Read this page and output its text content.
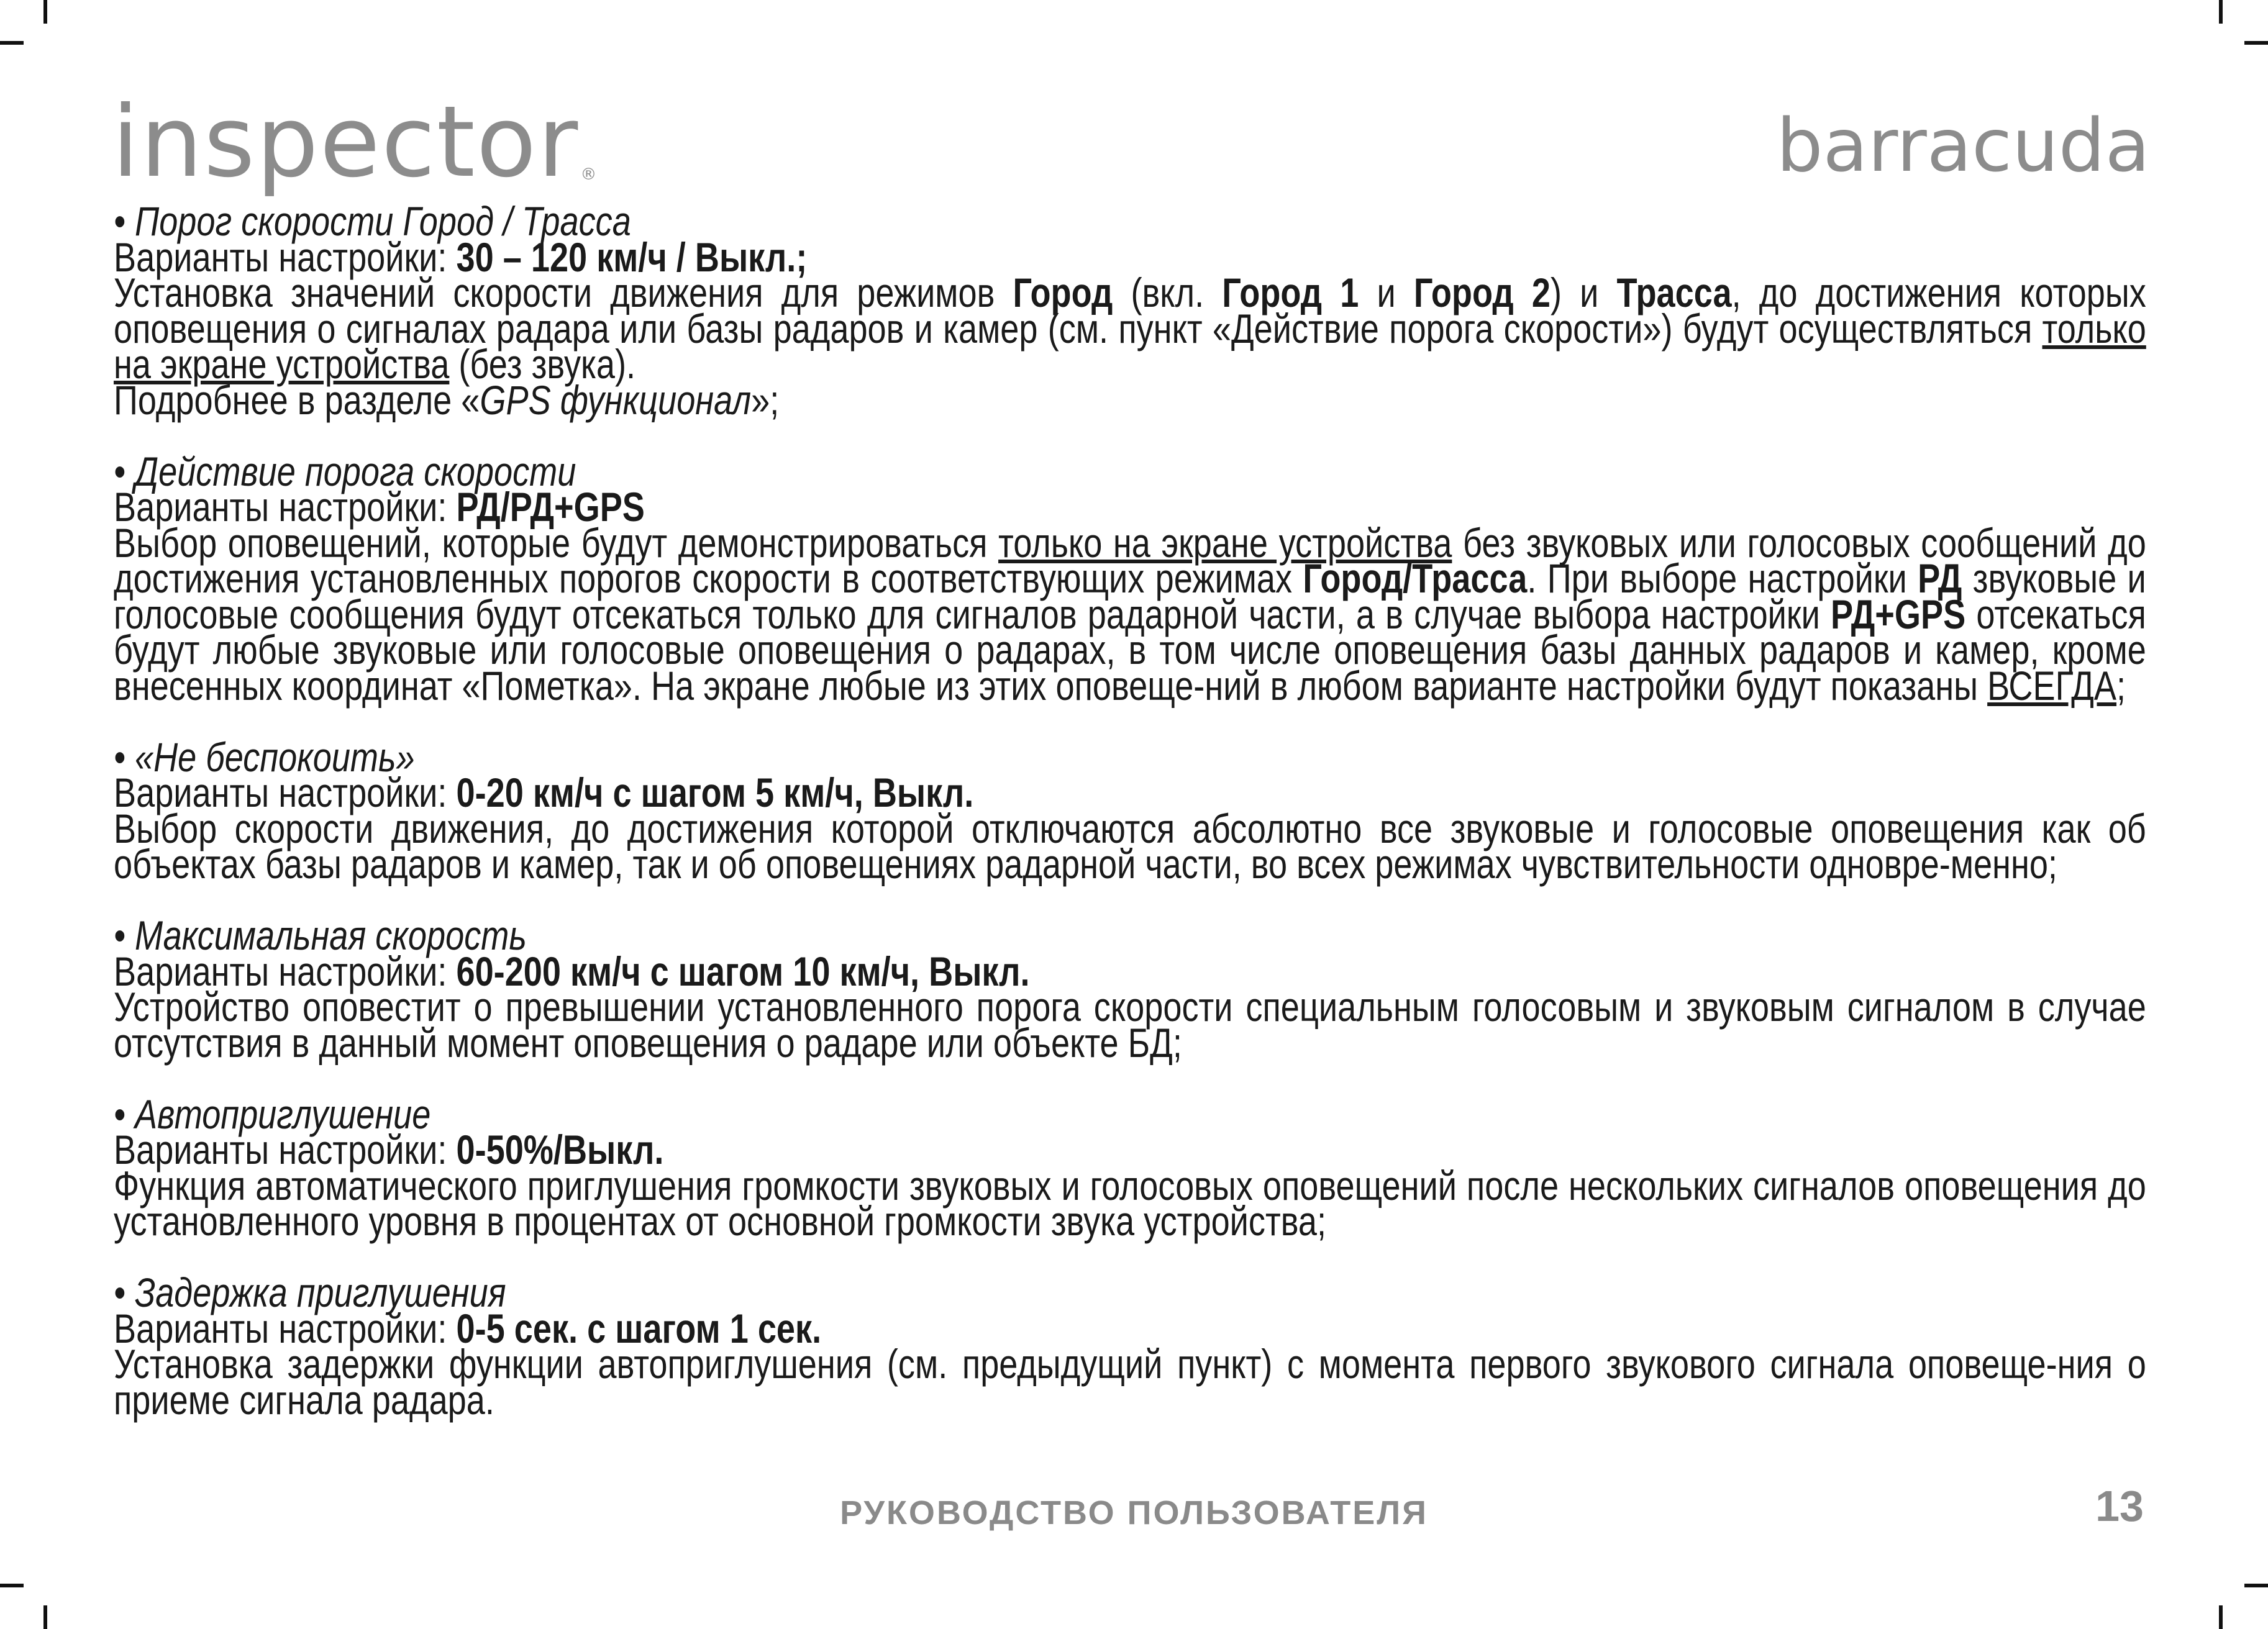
inspector®	barracuda
• Порог скорости Город / Трасса
Варианты настройки: 30 – 120 км/ч / Выкл.;
Установка значений скорости движения для режимов Город (вкл. Город 1 и Город 2) и Трасса, до достижения которых оповещения о сигналах радара или базы радаров и камер (см. пункт «Действие порога скорости») будут осуществляться только на экране устройства (без звука).
Подробнее в разделе «GPS функционал»;
• Действие порога скорости
Варианты настройки: РД/РД+GPS
Выбор оповещений, которые будут демонстрироваться только на экране устройства без звуковых или голосовых сообщений до достижения установленных порогов скорости в соответствующих режимах Город/Трасса. При выборе настройки РД звуковые и голосовые сообщения будут отсекаться только для сигналов радарной части, а в случае выбора настройки РД+GPS отсекаться будут любые звуковые или голосовые оповещения о радарах, в том числе оповещения базы данных радаров и камер, кроме внесенных координат «Пометка». На экране любые из этих оповеще-ний в любом варианте настройки будут показаны ВСЕГДА;
• «Не беспокоить»
Варианты настройки: 0-20 км/ч с шагом 5 км/ч, Выкл.
Выбор скорости движения, до достижения которой отключаются абсолютно все звуковые и голосовые оповещения как об объектах базы радаров и камер, так и об оповещениях радарной части, во всех режимах чувствительности одновре-менно;
• Максимальная скорость
Варианты настройки: 60-200 км/ч с шагом 10 км/ч, Выкл.
Устройство оповестит о превышении установленного порога скорости специальным голосовым и звуковым сигналом в случае отсутствия в данный момент оповещения о радаре или объекте БД;
• Автоприглушение
Варианты настройки: 0-50%/Выкл.
Функция автоматического приглушения громкости звуковых и голосовых оповещений после нескольких сигналов оповещения до установленного уровня в процентах от основной громкости звука устройства;
• Задержка приглушения
Варианты настройки: 0-5 сек. с шагом 1 сек.
Установка задержки функции автоприглушения (см. предыдущий пункт) с момента первого звукового сигнала оповеще-ния о приеме сигнала радара.
РУКОВОДСТВО ПОЛЬЗОВАТЕЛЯ	13
